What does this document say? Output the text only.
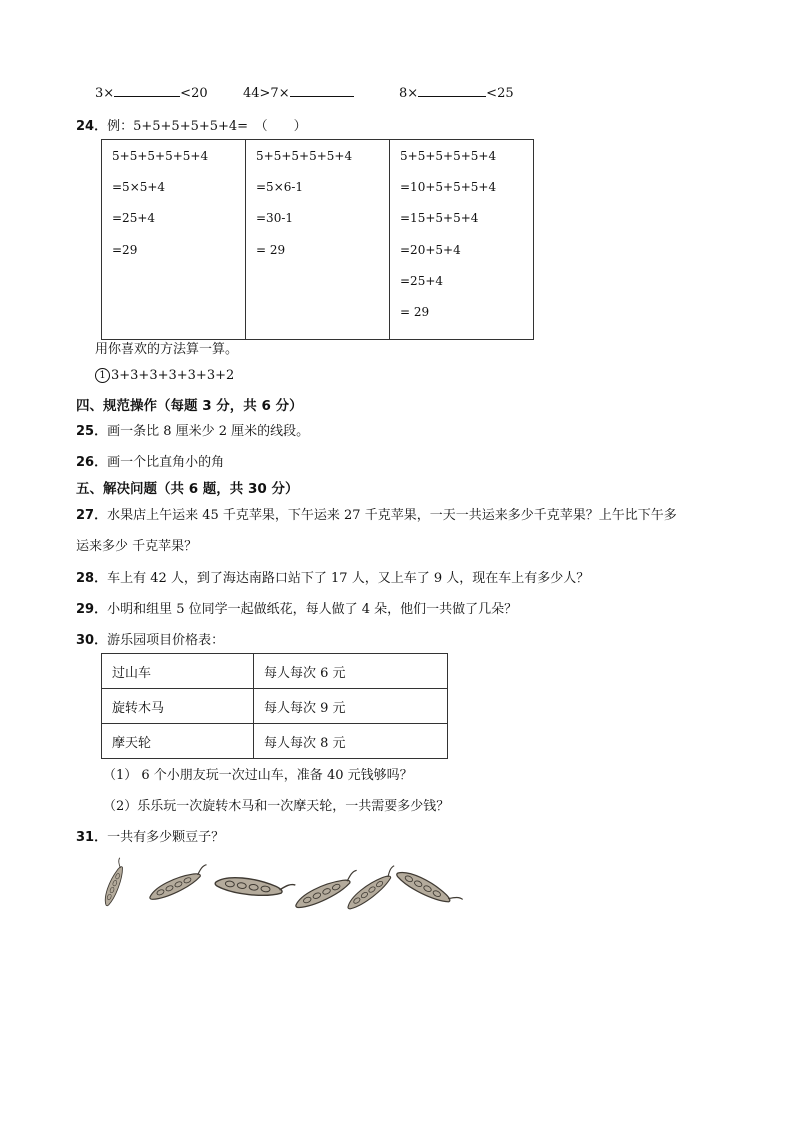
3×	<20	44>7×	8×	<25
24．例：5+5+5+5+5+4=　（　　）
5+5+5+5+5+4
=5×5+4
=25+4
=29

5+5+5+5+5+4
=5×6-1
=30-1
= 29

5+5+5+5+5+4
=10+5+5+5+4
=15+5+5+4
=20+5+4
=25+4
= 29
用你喜欢的方法算一算。
1 3+3+3+3+3+3+2
四、规范操作（每题 3 分，共 6 分）
25．画一条比 8 厘米少 2 厘米的线段。
26．画一个比直角小的角
五、解决问题（共 6 题，共 30 分）
27．水果店上午运来 45 千克苹果，下午运来 27 千克苹果，一天一共运来多少千克苹果？上午比下午多
运来多少 千克苹果？
28．车上有 42 人，到了海达南路口站下了 17 人，又上车了 9 人，现在车上有多少人？
29．小明和组里 5 位同学一起做纸花，每人做了 4 朵，他们一共做了几朵？
30．游乐园项目价格表：
过山车	每人每次 6 元
旋转木马	每人每次 9 元
摩天轮	每人每次 8 元
（1） 6 个小朋友玩一次过山车，准备 40 元钱够吗？
（2）乐乐玩一次旋转木马和一次摩天轮，一共需要多少钱？
31．一共有多少颗豆子？
